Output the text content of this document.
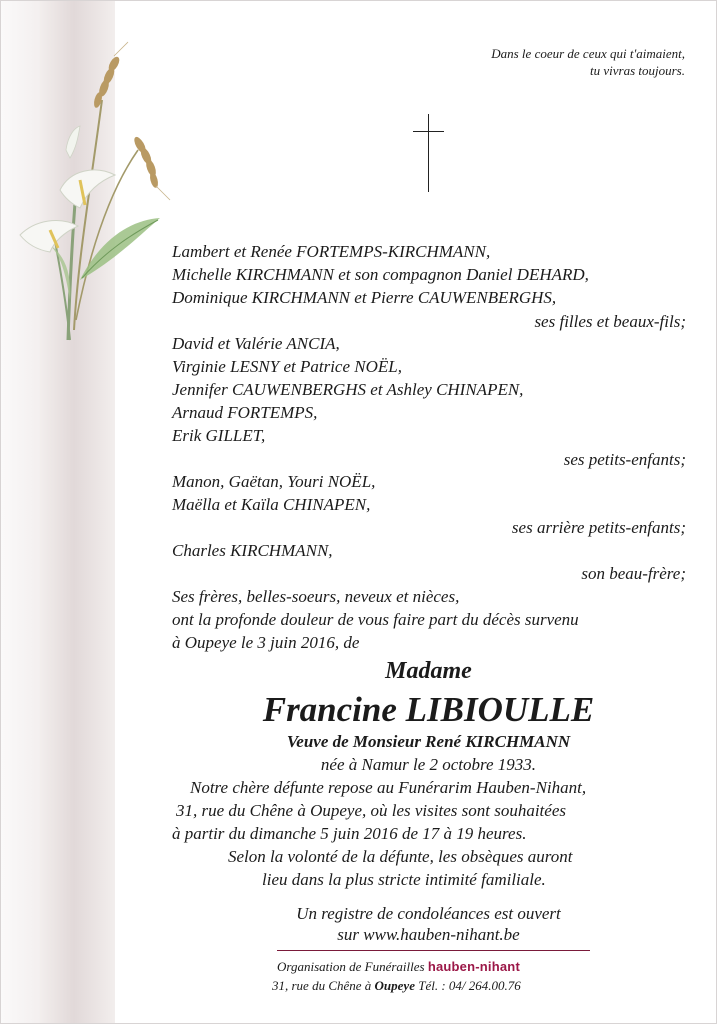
Dans le coeur de ceux qui t'aimaient,
tu vivras toujours.
Lambert et Renée FORTEMPS-KIRCHMANN,
Michelle KIRCHMANN et son compagnon Daniel DEHARD,
Dominique KIRCHMANN et Pierre CAUWENBERGHS,
ses filles et beaux-fils;
David et Valérie ANCIA,
Virginie LESNY et Patrice NOËL,
Jennifer CAUWENBERGHS et Ashley CHINAPEN,
Arnaud FORTEMPS,
Erik GILLET,
ses petits-enfants;
Manon, Gaëtan, Youri NOËL,
Maëlla et Kaïla CHINAPEN,
ses arrière petits-enfants;
Charles KIRCHMANN,
son beau-frère;
Ses frères, belles-soeurs, neveux et nièces,
ont la profonde douleur de vous faire part du décès survenu
à Oupeye le 3 juin 2016, de
Madame
Francine LIBIOULLE
Veuve de Monsieur René KIRCHMANN
née à Namur le 2 octobre 1933.
Notre chère défunte repose au Funérarim Hauben-Nihant,
31, rue du Chêne à Oupeye, où les visites sont souhaitées
à partir du dimanche 5 juin 2016 de 17 à 19 heures.
Selon la volonté de la défunte, les obsèques auront
lieu dans la plus stricte intimité familiale.
Un registre de condoléances est ouvert
sur www.hauben-nihant.be
Organisation de Funérailles hauben-nihant
31, rue du Chêne à Oupeye Tél. : 04/ 264.00.76
